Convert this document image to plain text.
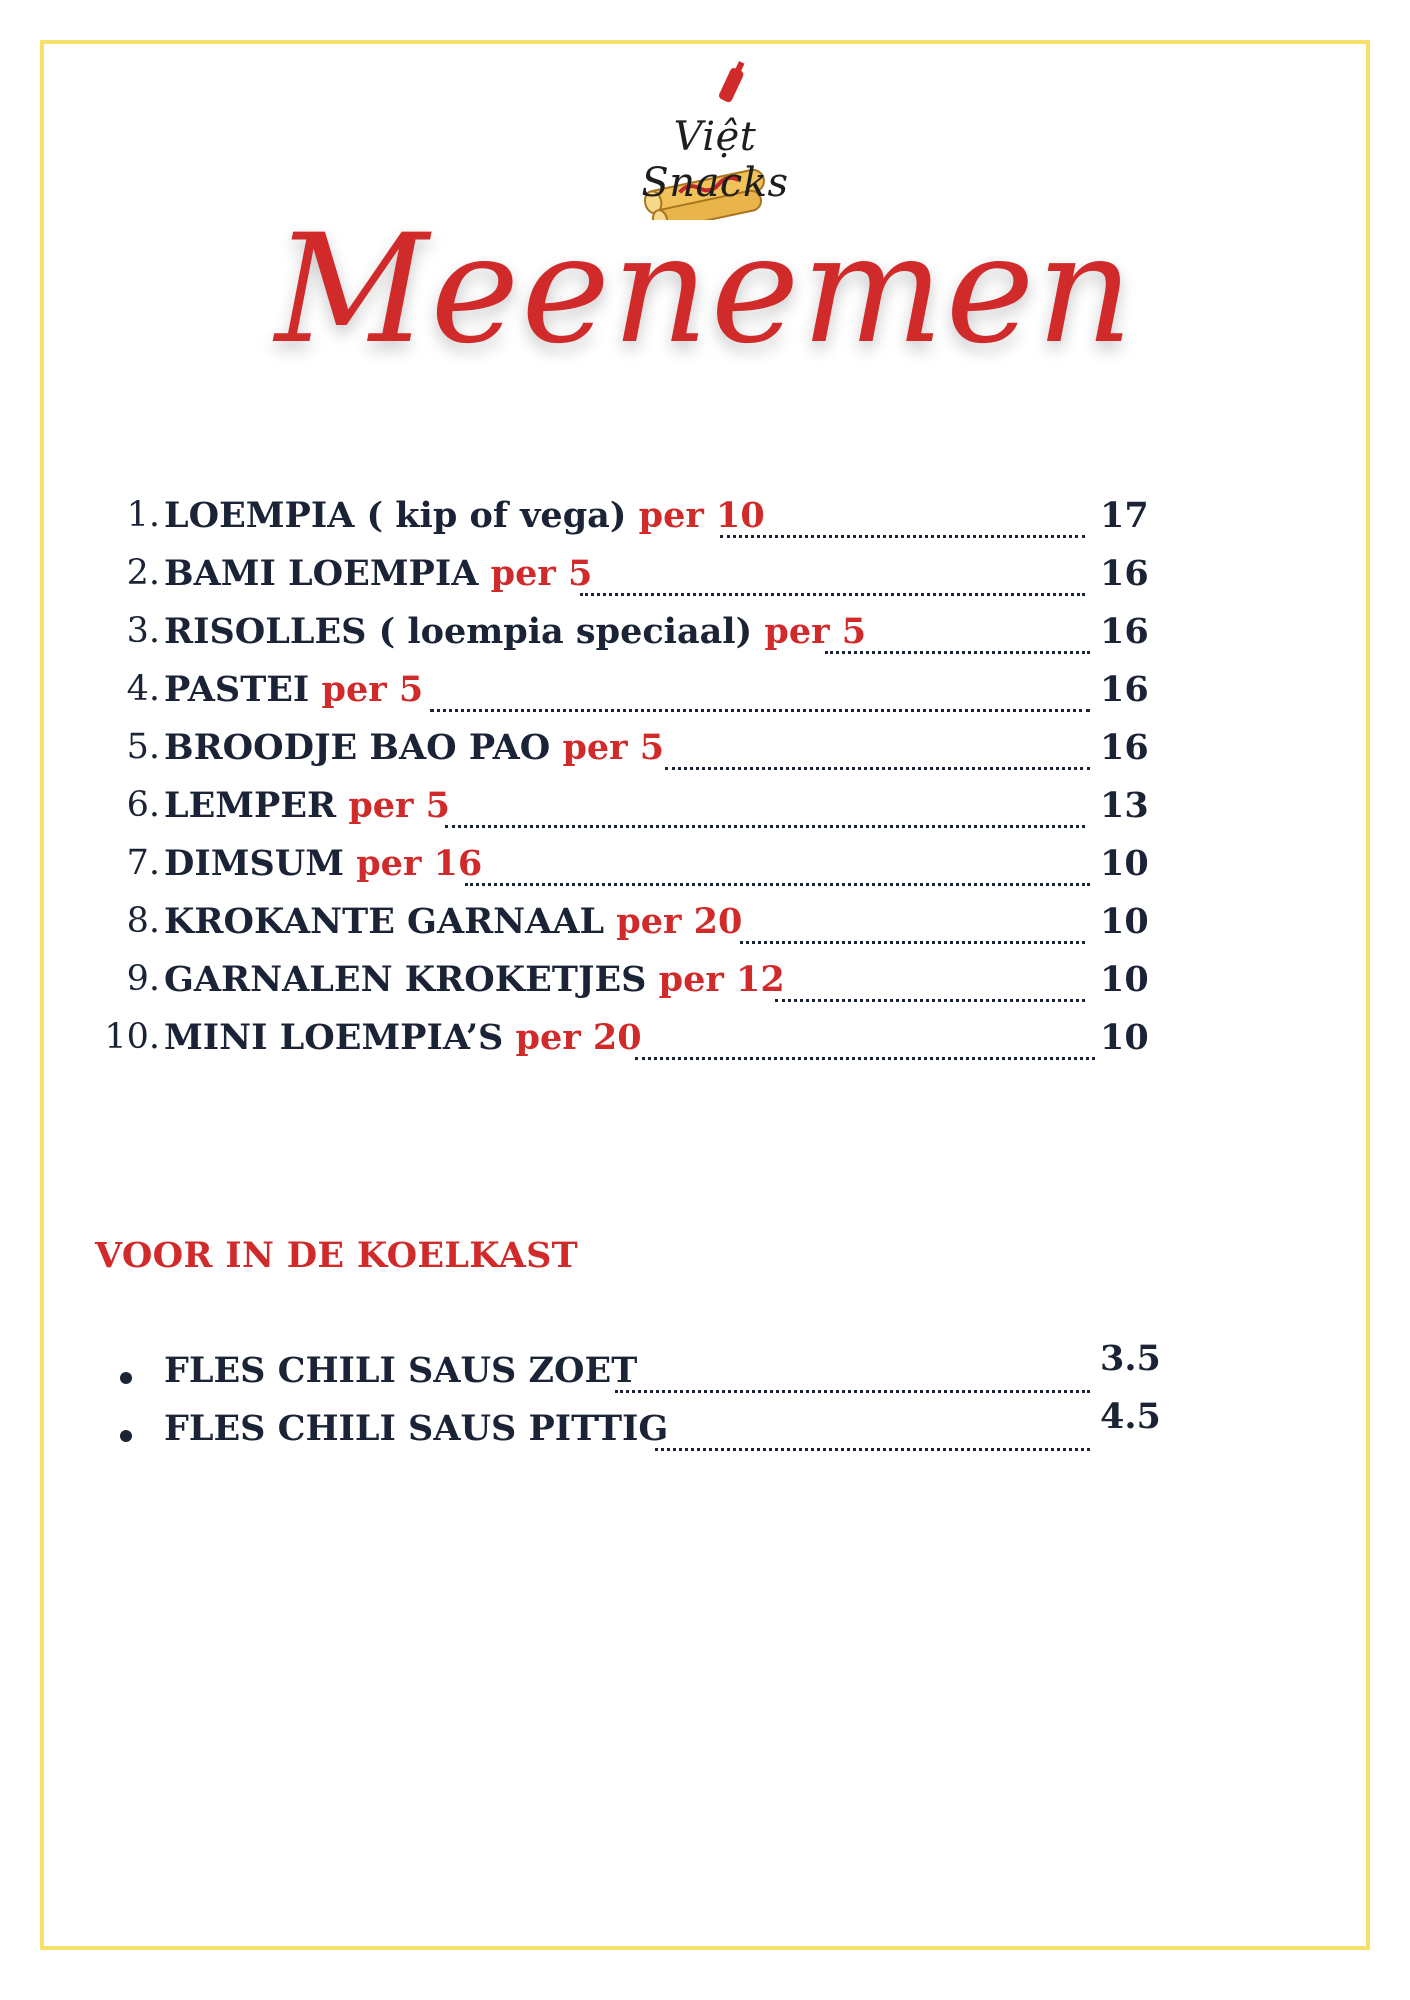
Việt Snacks
Meenemen
1. LOEMPIA ( kip of vega) per 10	17
2. BAMI LOEMPIA per 5	16
3. RISOLLES ( loempia speciaal) per 5	16
4. PASTEI per 5	16
5. BROODJE BAO PAO per 5	16
6. LEMPER per 5	13
7. DIMSUM per 16	10
8. KROKANTE GARNAAL per 20	10
9. GARNALEN KROKETJES per 12	10
10. MINI LOEMPIA’S per 20	10
VOOR IN DE KOELKAST
FLES CHILI SAUS ZOET	3.5
FLES CHILI SAUS PITTIG	4.5
